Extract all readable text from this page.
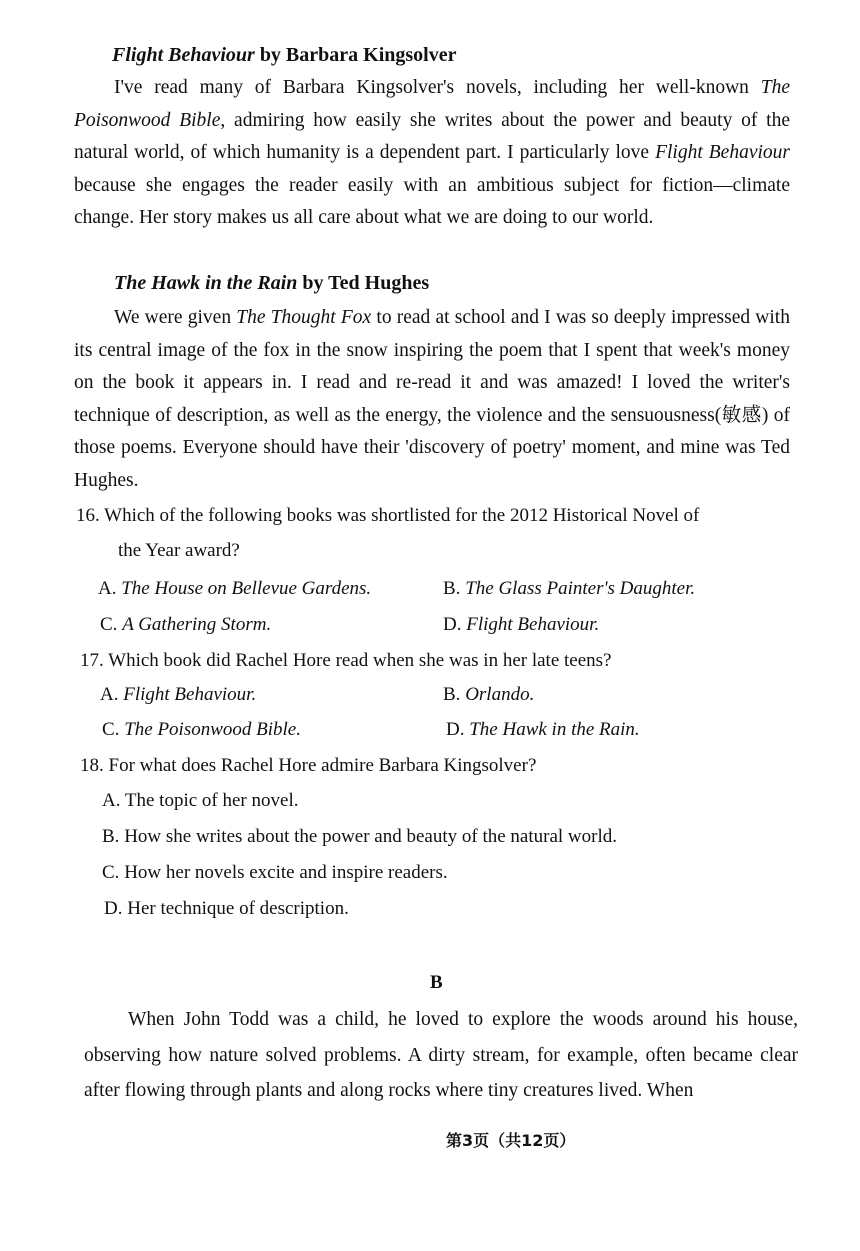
Flight Behaviour by Barbara Kingsolver
I've read many of Barbara Kingsolver's novels, including her well-known The Poisonwood Bible, admiring how easily she writes about the power and beauty of the natural world, of which humanity is a dependent part. I particularly love Flight Behaviour because she engages the reader easily with an ambitious subject for fiction—climate change. Her story makes us all care about what we are doing to our world.
The Hawk in the Rain by Ted Hughes
We were given The Thought Fox to read at school and I was so deeply impressed with its central image of the fox in the snow inspiring the poem that I spent that week's money on the book it appears in. I read and re-read it and was amazed! I loved the writer's technique of description, as well as the energy, the violence and the sensuousness(敏感) of those poems. Everyone should have their 'discovery of poetry' moment, and mine was Ted Hughes.
16. Which of the following books was shortlisted for the 2012 Historical Novel of
the Year award?
A. The House on Bellevue Gardens.	B. The Glass Painter's Daughter.
C. A Gathering Storm.	D. Flight Behaviour.
17. Which book did Rachel Hore read when she was in her late teens?
A. Flight Behaviour.	B. Orlando.
C. The Poisonwood Bible.	D. The Hawk in the Rain.
18. For what does Rachel Hore admire Barbara Kingsolver?
A. The topic of her novel.
B. How she writes about the power and beauty of the natural world.
C. How her novels excite and inspire readers.
D. Her technique of description.
B
When John Todd was a child, he loved to explore the woods around his house, observing how nature solved problems. A dirty stream, for example, often became clear after flowing through plants and along rocks where tiny creatures lived. When
第3页（共12页）
